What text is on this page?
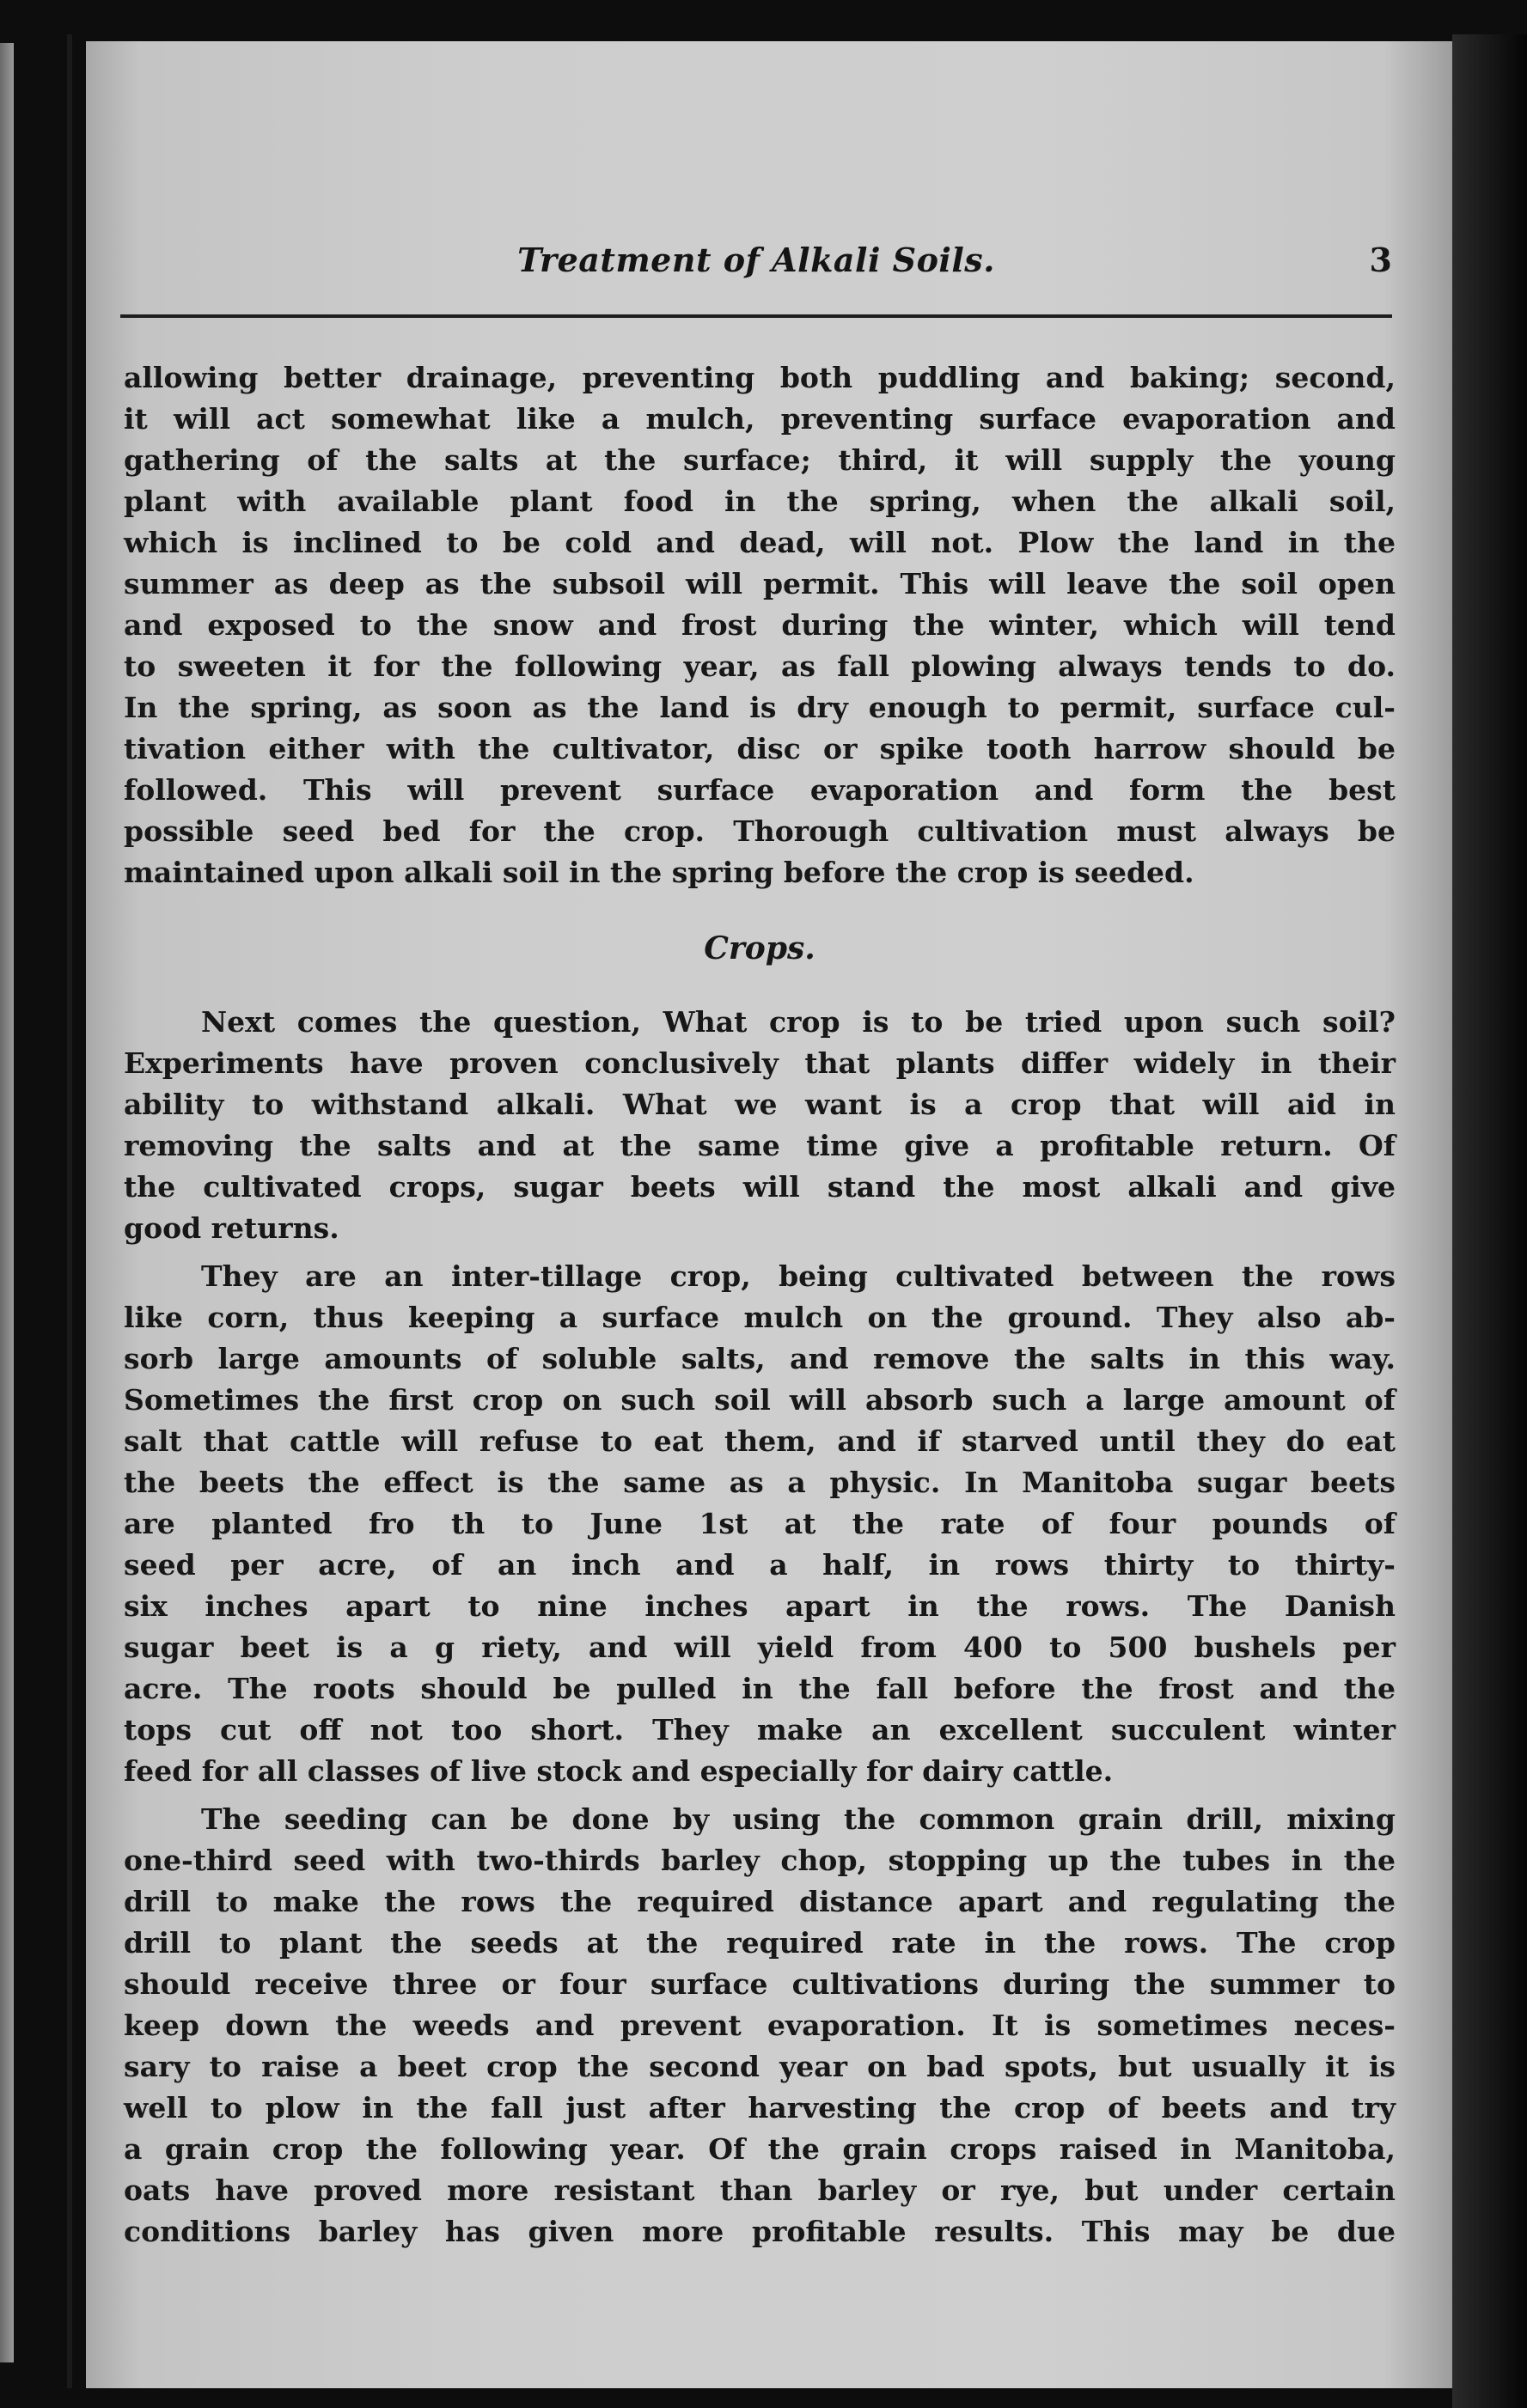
Treatment of Alkali Soils.	3
allowing better drainage, preventing both puddling and baking; second,
it will act somewhat like a mulch, preventing surface evaporation and
gathering of the salts at the surface; third, it will supply the young
plant with available plant food in the spring, when the alkali soil,
which is inclined to be cold and dead, will not. Plow the land in the
summer as deep as the subsoil will permit. This will leave the soil open
and exposed to the snow and frost during the winter, which will tend
to sweeten it for the following year, as fall plowing always tends to do.
In the spring, as soon as the land is dry enough to permit, surface cul-
tivation either with the cultivator, disc or spike tooth harrow should be
followed. This will prevent surface evaporation and form the best
possible seed bed for the crop. Thorough cultivation must always be
maintained upon alkali soil in the spring before the crop is seeded.
Crops.
Next comes the question, What crop is to be tried upon such soil?
Experiments have proven conclusively that plants differ widely in their
ability to withstand alkali. What we want is a crop that will aid in
removing the salts and at the same time give a profitable return. Of
the cultivated crops, sugar beets will stand the most alkali and give
good returns.
They are an inter-tillage crop, being cultivated between the rows
like corn, thus keeping a surface mulch on the ground. They also ab-
sorb large amounts of soluble salts, and remove the salts in this way.
Sometimes the first crop on such soil will absorb such a large amount of
salt that cattle will refuse to eat them, and if starved until they do eat
the beets the effect is the same as a physic. In Manitoba sugar beets
are planted fro th to June 1st at the rate of four pounds of
seed per acre, of an inch and a half, in rows thirty to thirty-
six inches apart to nine inches apart in the rows. The Danish
sugar beet is a g riety, and will yield from 400 to 500 bushels per
acre. The roots should be pulled in the fall before the frost and the
tops cut off not too short. They make an excellent succulent winter
feed for all classes of live stock and especially for dairy cattle.
The seeding can be done by using the common grain drill, mixing
one-third seed with two-thirds barley chop, stopping up the tubes in the
drill to make the rows the required distance apart and regulating the
drill to plant the seeds at the required rate in the rows. The crop
should receive three or four surface cultivations during the summer to
keep down the weeds and prevent evaporation. It is sometimes neces-
sary to raise a beet crop the second year on bad spots, but usually it is
well to plow in the fall just after harvesting the crop of beets and try
a grain crop the following year. Of the grain crops raised in Manitoba,
oats have proved more resistant than barley or rye, but under certain
conditions barley has given more profitable results. This may be due
